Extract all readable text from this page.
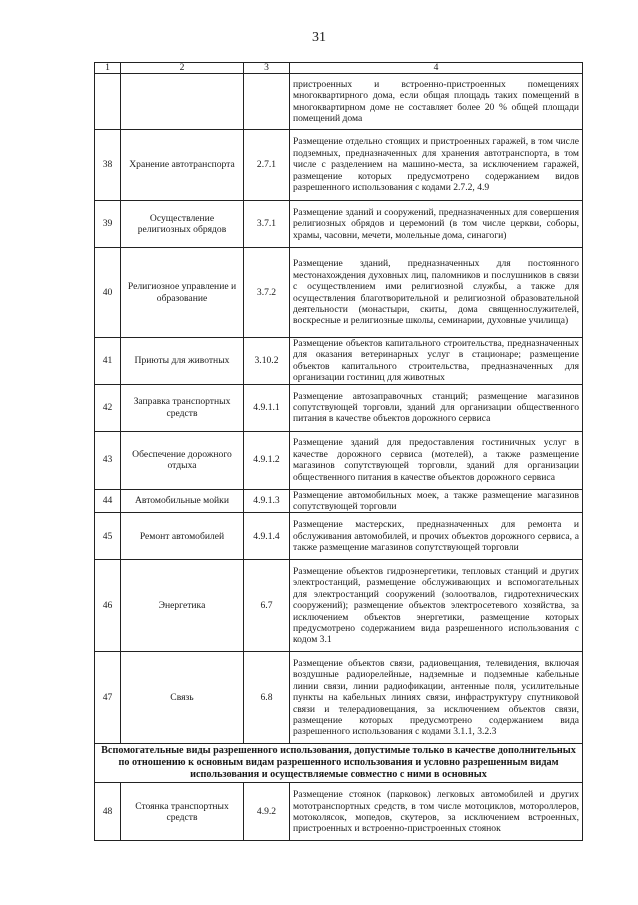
31
1	2	3	4
			пристроенных и встроенно-пристроенных помещениях многоквартирного дома, если общая площадь таких помещений в многоквартирном доме не составляет более 20 % общей площади помещений дома
38	Хранение автотранспорта	2.7.1	Размещение отдельно стоящих и пристроенных гаражей, в том числе подземных, предназначенных для хранения автотранспорта, в том числе с разделением на машино-места, за исключением гаражей, размещение которых предусмотрено содержанием видов разрешенного использования с кодами 2.7.2, 4.9
39	Осуществление религиозных обрядов	3.7.1	Размещение зданий и сооружений, предназначенных для совершения религиозных обрядов и церемоний (в том числе церкви, соборы, храмы, часовни, мечети, молельные дома, синагоги)
40	Религиозное управление и образование	3.7.2	Размещение зданий, предназначенных для постоянного местонахождения духовных лиц, паломников и послушников в связи с осуществлением ими религиозной службы, а также для осуществления благотворительной и религиозной образовательной деятельности (монастыри, скиты, дома священнослужителей, воскресные и религиозные школы, семинарии, духовные училища)
41	Приюты для животных	3.10.2	Размещение объектов капитального строительства, предназначенных для оказания ветеринарных услуг в стационаре; размещение объектов капитального строительства, предназначенных для организации гостиниц для животных
42	Заправка транспортных средств	4.9.1.1	Размещение автозаправочных станций; размещение магазинов сопутствующей торговли, зданий для организации общественного питания в качестве объектов дорожного сервиса
43	Обеспечение дорожного отдыха	4.9.1.2	Размещение зданий для предоставления гостиничных услуг в качестве дорожного сервиса (мотелей), а также размещение магазинов сопутствующей торговли, зданий для организации общественного питания в качестве объектов дорожного сервиса
44	Автомобильные мойки	4.9.1.3	Размещение автомобильных моек, а также размещение магазинов сопутствующей торговли
45	Ремонт автомобилей	4.9.1.4	Размещение мастерских, предназначенных для ремонта и обслуживания автомобилей, и прочих объектов дорожного сервиса, а также размещение магазинов сопутствующей торговли
46	Энергетика	6.7	Размещение объектов гидроэнергетики, тепловых станций и других электростанций, размещение обслуживающих и вспомогательных для электростанций сооружений (золоотвалов, гидротехнических сооружений); размещение объектов электросетевого хозяйства, за исключением объектов энергетики, размещение которых предусмотрено содержанием вида разрешенного использования с кодом 3.1
47	Связь	6.8	Размещение объектов связи, радиовещания, телевидения, включая воздушные радиорелейные, надземные и подземные кабельные линии связи, линии радиофикации, антенные поля, усилительные пункты на кабельных линиях связи, инфраструктуру спутниковой связи и телерадиовещания, за исключением объектов связи, размещение которых предусмотрено содержанием вида разрешенного использования с кодами 3.1.1, 3.2.3
Вспомогательные виды разрешенного использования, допустимые только в качестве дополнительных по отношению к основным видам разрешенного использования и условно разрешенным видам использования и осуществляемые совместно с ними в основных			
48	Стоянка транспортных средств	4.9.2	Размещение стоянок (парковок) легковых автомобилей и других мототранспортных средств, в том числе мотоциклов, мотороллеров, мотоколясок, мопедов, скутеров, за исключением встроенных, пристроенных и встроенно-пристроенных стоянок
